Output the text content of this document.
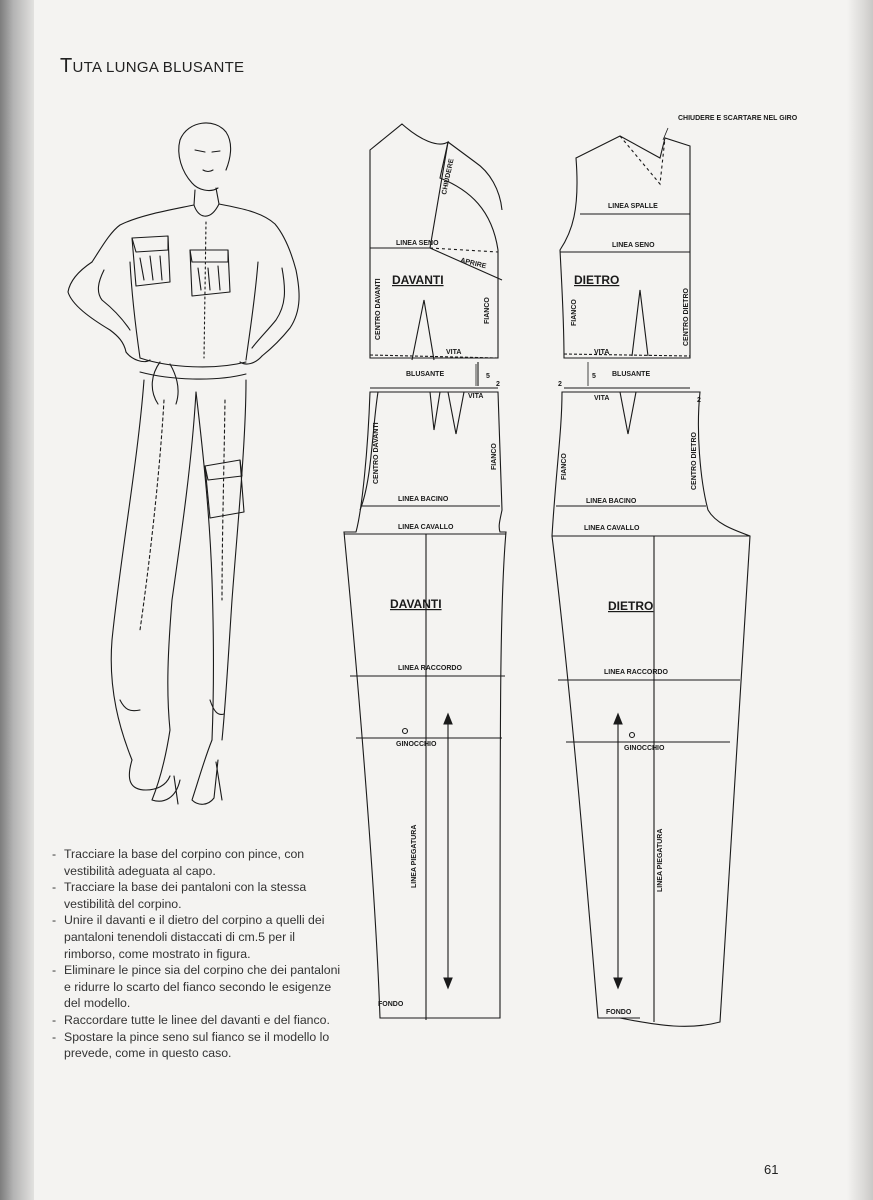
TUTA LUNGA BLUSANTE
LINEA SENO
CHIUDERE
APRIRE
DAVANTI
CENTRO DAVANTI	FIANCO
VITA
BLUSANTE	5
2
VITA
CENTRO DAVANTI	FIANCO
LINEA BACINO
LINEA CAVALLO
DAVANTI
LINEA RACCORDO
GINOCCHIO
LINEA PIEGATURA
FONDO
CHIUDERE E SCARTARE NEL GIRO
LINEA SPALLE
LINEA SENO
DIETRO
FIANCO	CENTRO DIETRO
VITA
BLUSANTE
5
2
VITA	2
FIANCO	CENTRO DIETRO
LINEA BACINO
LINEA CAVALLO
DIETRO
LINEA RACCORDO
GINOCCHIO
LINEA PIEGATURA
FONDO
- Tracciare la base del corpino con pince, con vestibilità adeguata al capo.
- Tracciare la base dei pantaloni con la stessa vestibilità del corpino.
- Unire il davanti e il dietro del corpino a quelli dei pantaloni tenendoli distaccati di cm.5 per il rimborso, come mostrato in figura.
- Eliminare le pince sia del corpino che dei pantaloni e ridurre lo scarto del fianco secondo le esigenze del modello.
- Raccordare tutte le linee del davanti e del fianco.
- Spostare la pince seno sul fianco se il modello lo prevede, come in questo caso.
61
